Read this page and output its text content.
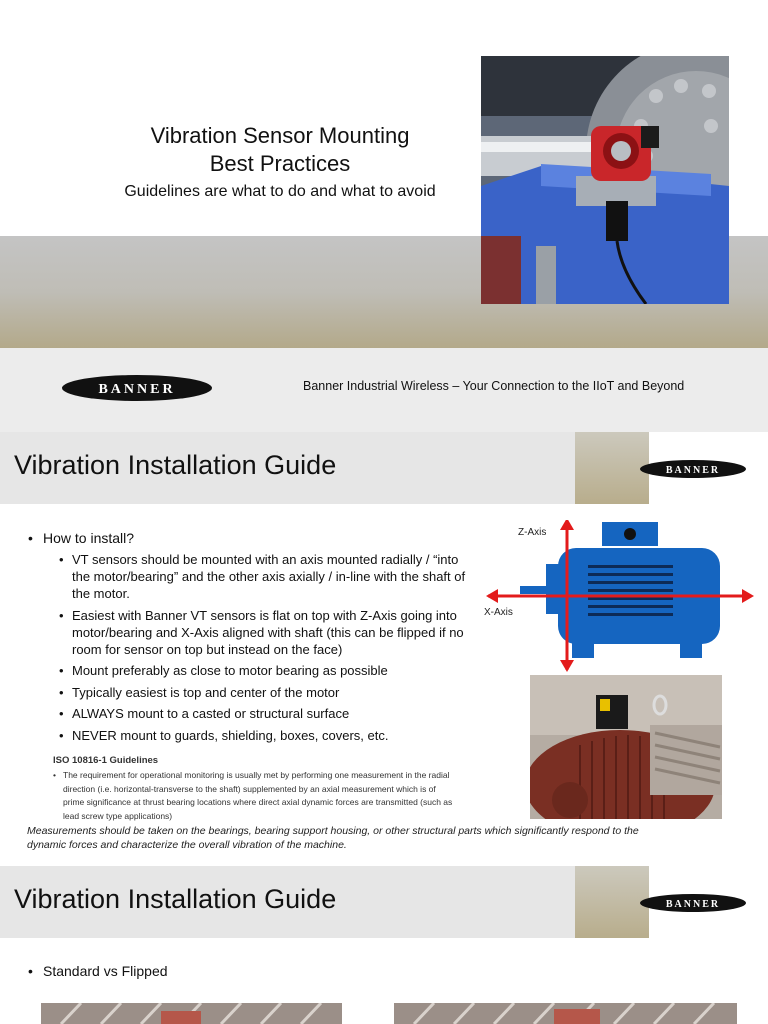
Vibration Sensor Mounting
Best Practices
Guidelines are what to do and what to avoid
BANNER	Banner Industrial Wireless – Your Connection to the IIoT and Beyond
Vibration Installation Guide	BANNER
• How to install?
• VT sensors should be mounted with an axis mounted radially / “into the motor/bearing” and the other axis axially / in-line with the shaft of the motor.
• Easiest with Banner VT sensors is flat on top with Z-Axis going into motor/bearing and X-Axis aligned with shaft (this can be flipped if no room for sensor on top but instead on the face)
• Mount preferably as close to motor bearing as possible
• Typically easiest is top and center of the motor
• ALWAYS mount to a casted or structural surface
• NEVER mount to guards, shielding, boxes, covers, etc.
ISO 10816-1 Guidelines
• The requirement for operational monitoring is usually met by performing one measurement in the radial direction (i.e. horizontal-transverse to the shaft) supplemented by an axial measurement which is of prime significance at thrust bearing locations where direct axial dynamic forces are transmitted (such as lead screw type applications)
Measurements should be taken on the bearings, bearing support housing, or other structural parts which significantly respond to the dynamic forces and characterize the overall vibration of the machine.
Z-Axis
X-Axis
Vibration Installation Guide	BANNER
• Standard vs Flipped
